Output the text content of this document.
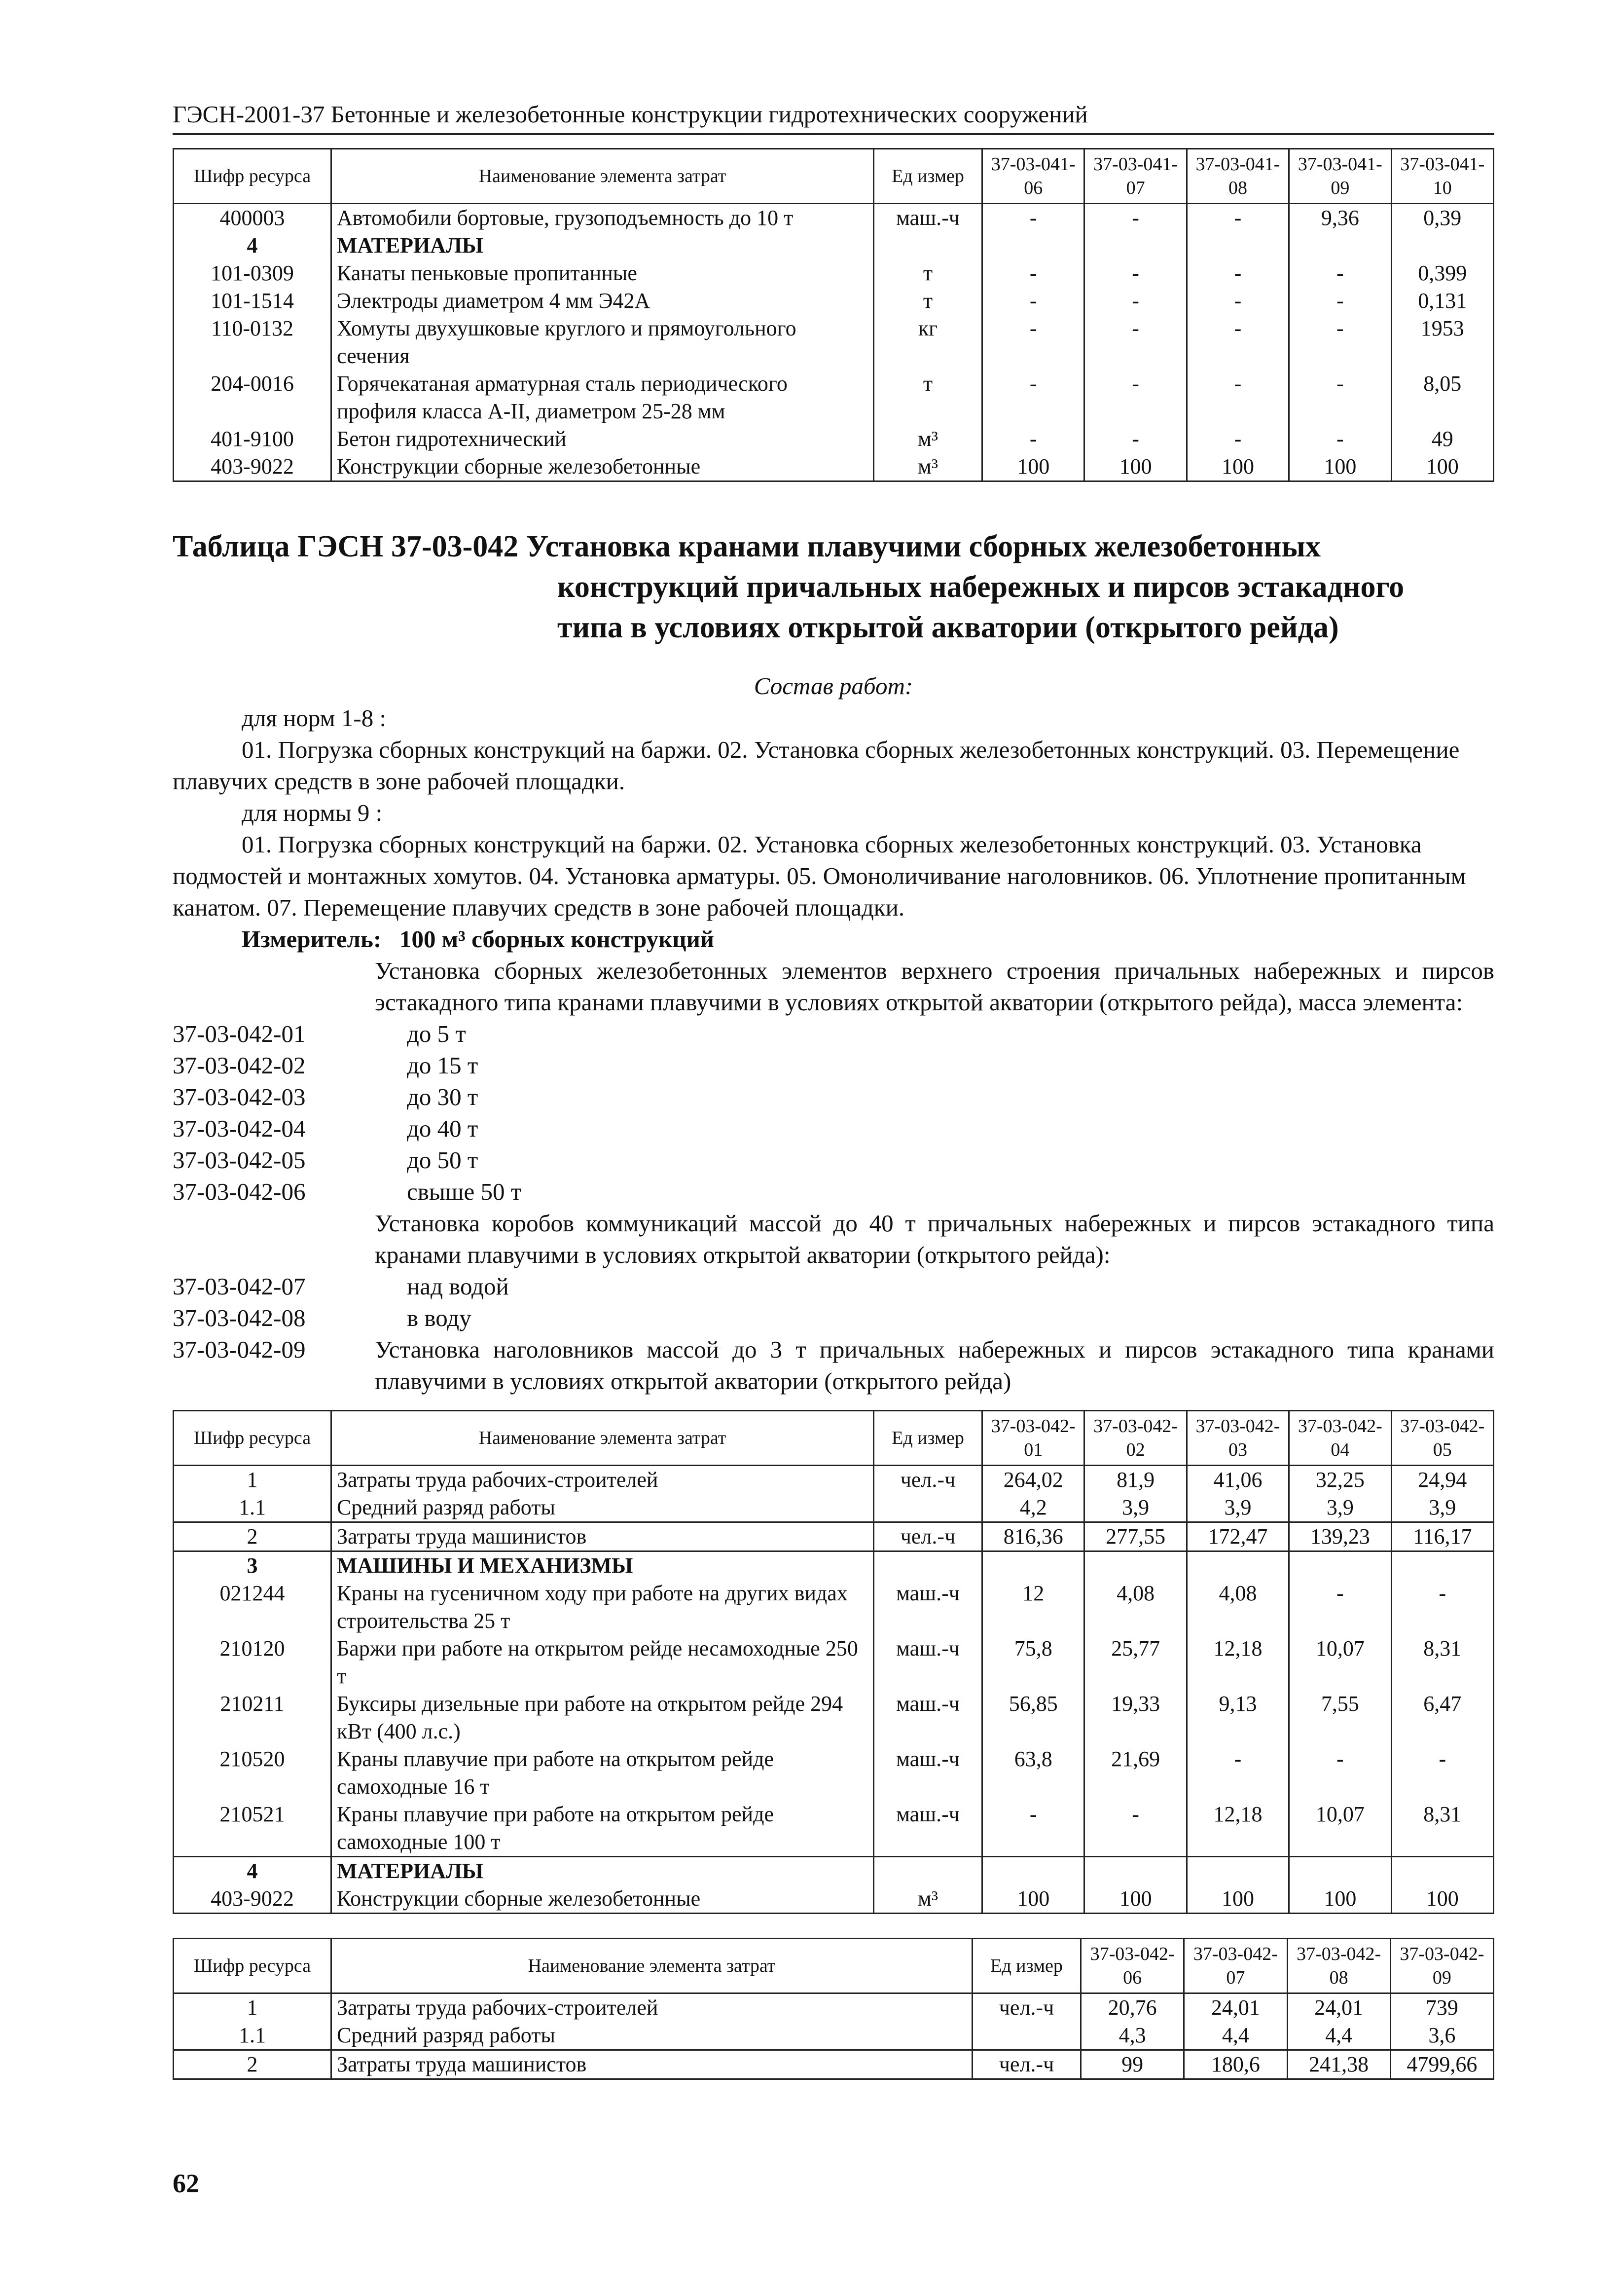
ГЭСН-2001-37 Бетонные и железобетонные конструкции гидротехнических сооружений
Шифр ресурса	Наименование элемента затрат	Ед измер	37-03-041-06	37-03-041-07	37-03-041-08	37-03-041-09	37-03-041-10
400003	Автомобили бортовые, грузоподъемность до 10 т	маш.-ч	-	-	-	9,36	0,39
4	МАТЕРИАЛЫ						
101-0309	Канаты пеньковые пропитанные	т	-	-	-	-	0,399
101-1514	Электроды диаметром 4 мм Э42А	т	-	-	-	-	0,131
110-0132	Хомуты двухушковые круглого и прямоугольного сечения	кг	-	-	-	-	1953
204-0016	Горячекатаная арматурная сталь периодического профиля класса А-II, диаметром 25-28 мм	т	-	-	-	-	8,05
401-9100	Бетон гидротехнический	м³	-	-	-	-	49
403-9022	Конструкции сборные железобетонные	м³	100	100	100	100	100
Таблица ГЭСН 37-03-042 Установка кранами плавучими сборных железобетонных
конструкций причальных набережных и пирсов эстакадного
типа в условиях открытой акватории (открытого рейда)
Состав работ:
для норм 1-8 :
01. Погрузка сборных конструкций на баржи. 02. Установка сборных железобетонных конструкций. 03. Перемещение плавучих средств в зоне рабочей площадки.
для нормы 9 :
01. Погрузка сборных конструкций на баржи. 02. Установка сборных железобетонных конструкций. 03. Установка подмостей и монтажных хомутов. 04. Установка арматуры. 05. Омоноличивание наголовников. 06. Уплотнение пропитанным канатом. 07. Перемещение плавучих средств в зоне рабочей площадки.
Измеритель: 100 м³ сборных конструкций
Установка сборных железобетонных элементов верхнего строения причальных набережных и пирсов эстакадного типа кранами плавучими в условиях открытой акватории (открытого рейда), масса элемента:
37-03-042-01	до 5 т
37-03-042-02	до 15 т
37-03-042-03	до 30 т
37-03-042-04	до 40 т
37-03-042-05	до 50 т
37-03-042-06	свыше 50 т
Установка коробов коммуникаций массой до 40 т причальных набережных и пирсов эстакадного типа кранами плавучими в условиях открытой акватории (открытого рейда):
37-03-042-07	над водой
37-03-042-08	в воду
37-03-042-09	Установка наголовников массой до 3 т причальных набережных и пирсов эстакадного типа кранами плавучими в условиях открытой акватории (открытого рейда)
Шифр ресурса	Наименование элемента затрат	Ед измер	37-03-042-01	37-03-042-02	37-03-042-03	37-03-042-04	37-03-042-05
1	Затраты труда рабочих-строителей	чел.-ч	264,02	81,9	41,06	32,25	24,94
1.1	Средний разряд работы		4,2	3,9	3,9	3,9	3,9
2	Затраты труда машинистов	чел.-ч	816,36	277,55	172,47	139,23	116,17
3	МАШИНЫ И МЕХАНИЗМЫ						
021244	Краны на гусеничном ходу при работе на других видах строительства 25 т	маш.-ч	12	4,08	4,08	-	-
210120	Баржи при работе на открытом рейде несамоходные 250 т	маш.-ч	75,8	25,77	12,18	10,07	8,31
210211	Буксиры дизельные при работе на открытом рейде 294 кВт (400 л.с.)	маш.-ч	56,85	19,33	9,13	7,55	6,47
210520	Краны плавучие при работе на открытом рейде самоходные 16 т	маш.-ч	63,8	21,69	-	-	-
210521	Краны плавучие при работе на открытом рейде самоходные 100 т	маш.-ч	-	-	12,18	10,07	8,31
4	МАТЕРИАЛЫ						
403-9022	Конструкции сборные железобетонные	м³	100	100	100	100	100
Шифр ресурса	Наименование элемента затрат	Ед измер	37-03-042-06	37-03-042-07	37-03-042-08	37-03-042-09
1	Затраты труда рабочих-строителей	чел.-ч	20,76	24,01	24,01	739
1.1	Средний разряд работы		4,3	4,4	4,4	3,6
2	Затраты труда машинистов	чел.-ч	99	180,6	241,38	4799,66
62
